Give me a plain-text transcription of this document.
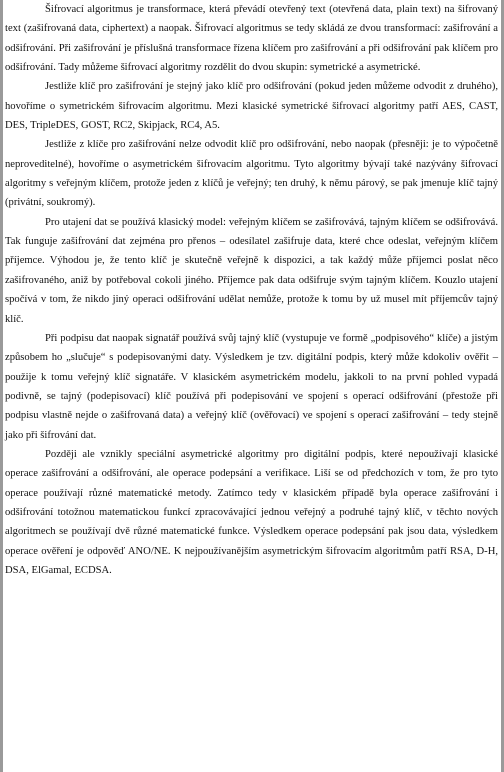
Šifrovací algoritmus je transformace, která převádí otevřený text (otevřená data, plain text) na šifrovaný text (zašifrovaná data, ciphertext) a naopak. Šifrovací algoritmus se tedy skládá ze dvou transformací: zašifrování a odšifrování. Při zašifrování je příslušná transformace řízena klíčem pro zašifrování a při odšifrování pak klíčem pro odšifrování. Tady můžeme šifrovací algoritmy rozdělit do dvou skupin: symetrické a asymetrické.

Jestliže klíč pro zašifrování je stejný jako klíč pro odšifrování (pokud jeden můžeme odvodit z druhého), hovoříme o symetrickém šifrovacím algoritmu. Mezi klasické symetrické šifrovací algoritmy patří AES, CAST, DES, TripleDES, GOST, RC2, Skipjack, RC4, A5.

Jestliže z klíče pro zašifrování nelze odvodit klíč pro odšifrování, nebo naopak (přesněji: je to výpočetně neproveditelné), hovoříme o asymetrickém šifrovacím algoritmu. Tyto algoritmy bývají také nazývány šifrovací algoritmy s veřejným klíčem, protože jeden z klíčů je veřejný; ten druhý, k němu párový, se pak jmenuje klíč tajný (privátní, soukromý).

Pro utajení dat se používá klasický model: veřejným klíčem se zašifrovává, tajným klíčem se odšifrovává. Tak funguje zašifrování dat zejména pro přenos – odesílatel zašifruje data, které chce odeslat, veřejným klíčem příjemce. Výhodou je, že tento klíč je skutečně veřejně k dispozici, a tak každý může příjemci poslat něco zašifrovaného, aniž by potřeboval cokoli jiného. Příjemce pak data odšifruje svým tajným klíčem. Kouzlo utajení spočívá v tom, že nikdo jiný operaci odšifrování udělat nemůže, protože k tomu by už musel mít příjemcův tajný klíč.

Při podpisu dat naopak signatář používá svůj tajný klíč (vystupuje ve formě „podpisového“ klíče) a jistým způsobem ho „slučuje“ s podepisovanými daty. Výsledkem je tzv. digitální podpis, který může kdokoliv ověřit – použije k tomu veřejný klíč signatáře. V klasickém asymetrickém modelu, jakkoli to na první pohled vypadá podivně, se tajný (podepisovací) klíč používá při podepisování ve spojení s operací odšifrování (přestože při podpisu vlastně nejde o zašifrovaná data) a veřejný klíč (ověřovací) ve spojení s operací zašifrování – tedy stejně jako při šifrování dat.

Později ale vznikly speciální asymetrické algoritmy pro digitální podpis, které nepoužívají klasické operace zašifrování a odšifrování, ale operace podepsání a verifikace. Liší se od předchozích v tom, že pro tyto operace používají různé matematické metody. Zatímco tedy v klasickém případě byla operace zašifrování i odšifrování totožnou matematickou funkcí zpracovávající jednou veřejný a podruhé tajný klíč, v těchto nových algoritmech se používají dvě různé matematické funkce. Výsledkem operace podepsání pak jsou data, výsledkem operace ověření je odpověď ANO/NE. K nejpoužívanějším asymetrickým šifrovacím algoritmům patří RSA, D-H, DSA, ElGamal, ECDSA.
